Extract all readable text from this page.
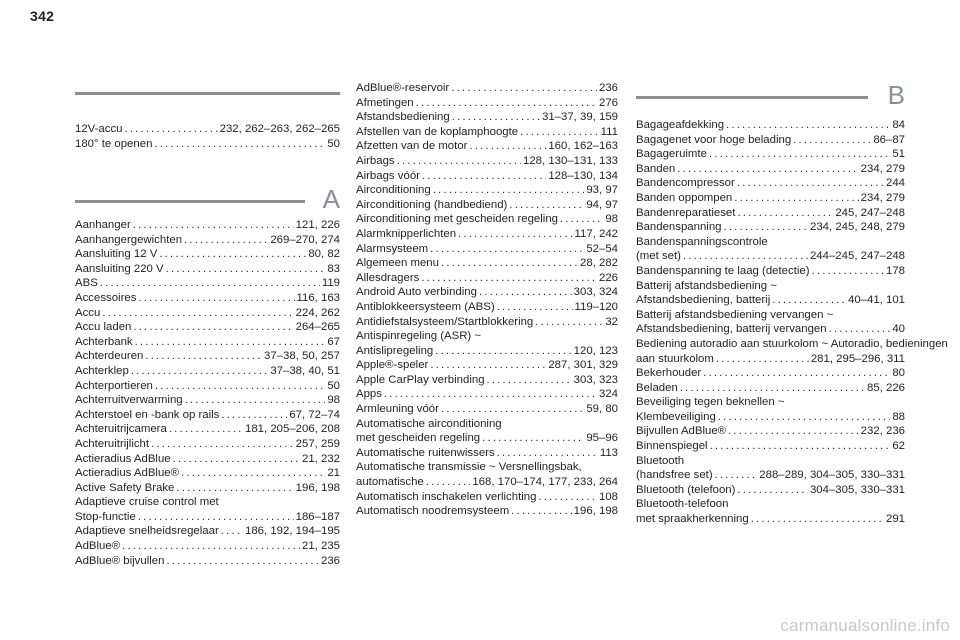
342
12V-accu . . .	232, 262–263, 262–265
180° te openen . . .	50
A
Aanhanger . . .	121, 226
Aanhangergewichten . . .	269–270, 274
Aansluiting 12 V . . .	80, 82
Aansluiting 220 V . . .	83
ABS . . .	119
Accessoires . . .	116, 163
Accu . . .	224, 262
Accu laden . . .	264–265
Achterbank . . .	67
Achterdeuren . . .	37–38, 50, 257
Achterklep . . .	37–38, 40, 51
Achterportieren . . .	50
Achterruitverwarming . . .	98
Achterstoel en -bank op rails . . .	67, 72–74
Achteruitrijcamera . . .	181, 205–206, 208
Achteruitrijlicht . . .	257, 259
Actieradius AdBlue . . .	21, 232
Actieradius AdBlue® . . .	21
Active Safety Brake . . .	196, 198
Adaptieve cruise control met
Stop-functie . . .	186–187
Adaptieve snelheidsregelaar . . . 186, 192, 194–195
AdBlue® . . .	21, 235
AdBlue® bijvullen . . .	236
AdBlue®-reservoir . . .	236
Afmetingen . . .	276
Afstandsbediening . . .	31–37, 39, 159
Afstellen van de koplamphoogte . . .	111
Afzetten van de motor . . .	160, 162–163
Airbags . . .	128, 130–131, 133
Airbags vóór . . .	128–130, 134
Airconditioning . . .	93, 97
Airconditioning (handbediend) . . .	94, 97
Airconditioning met gescheiden regeling . . .	98
Alarmknipperlichten . . .	117, 242
Alarmsysteem . . .	52–54
Algemeen menu . . .	28, 282
Allesdragers . . .	226
Android Auto verbinding . . .	303, 324
Antiblokkeersysteem (ABS) . . .	119–120
Antidiefstalsysteem/Startblokkering . . .	32
Antispinregeling (ASR) ~
Antislipregeling . . .	120, 123
Apple®-speler . . .	287, 301, 329
Apple CarPlay verbinding . . .	303, 323
Apps . . .	324
Armleuning vóór . . .	59, 80
Automatische airconditioning
met gescheiden regeling . . .	95–96
Automatische ruitenwissers . . .	113
Automatische transmissie ~ Versnellingsbak,
automatische . . .	168, 170–174, 177, 233, 264
Automatisch inschakelen verlichting . . .	108
Automatisch noodremsysteem . . .	196, 198
B
Bagageafdekking . . .	84
Bagagenet voor hoge belading . . .	86–87
Bagageruimte . . .	51
Banden . . .	234, 279
Bandencompressor . . .	244
Banden oppompen . . .	234, 279
Bandenreparatieset . . .	245, 247–248
Bandenspanning . . .	234, 245, 248, 279
Bandenspanningscontrole
(met set) . . .	244–245, 247–248
Bandenspanning te laag (detectie) . . .	178
Batterij afstandsbediening ~
Afstandsbediening, batterij . . .	40–41, 101
Batterij afstandsbediening vervangen ~
Afstandsbediening, batterij vervangen . . .	40
Bediening autoradio aan stuurkolom ~ Autoradio, bedieningen
aan stuurkolom . . .	281, 295–296, 311
Bekerhouder . . .	80
Beladen . . .	85, 226
Beveiliging tegen beknellen ~
Klembeveiliging . . .	88
Bijvullen AdBlue® . . .	232, 236
Binnenspiegel . . .	62
Bluetooth
(handsfree set) . . .	288–289, 304–305, 330–331
Bluetooth (telefoon) . . .	304–305, 330–331
Bluetooth-telefoon
met spraakherkenning . . .	291
carmanualsonline.info
